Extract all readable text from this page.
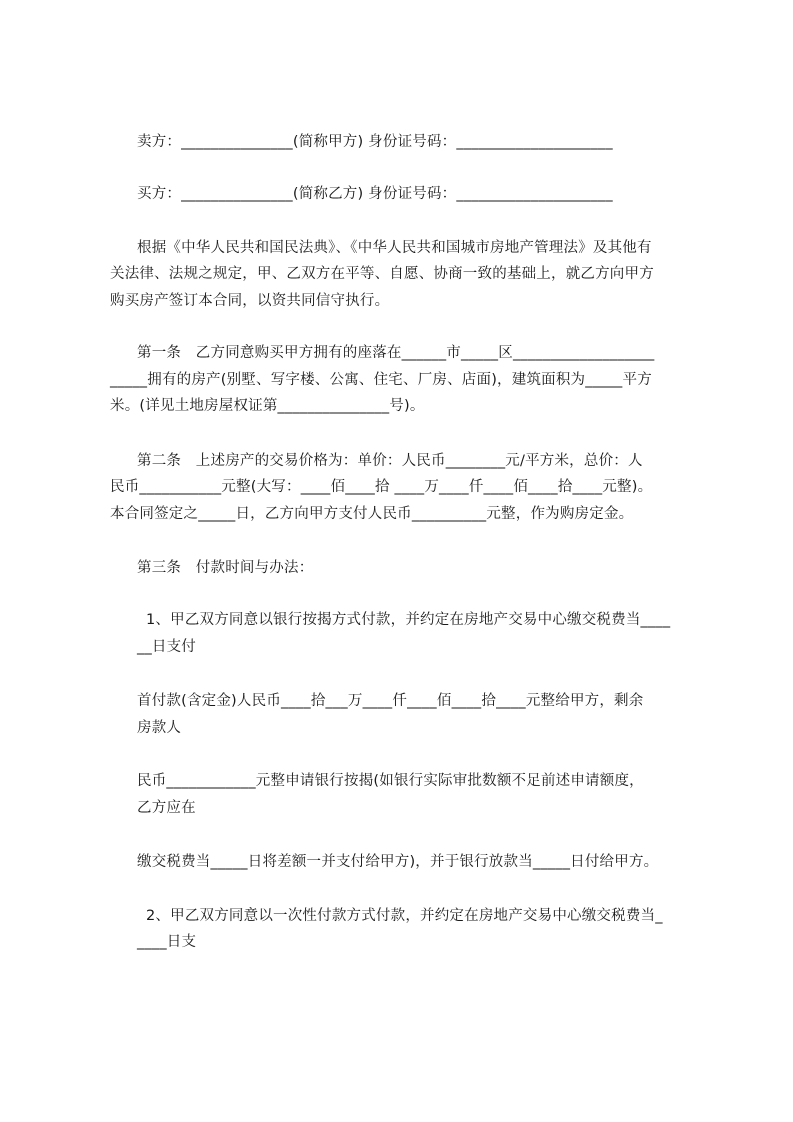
卖方：_______________(简称甲方) 身份证号码：_____________________
买方：_______________(简称乙方) 身份证号码：_____________________
根据《中华人民共和国民法典》、《中华人民共和国城市房地产管理法》及其他有
关法律、法规之规定，甲、乙双方在平等、自愿、协商一致的基础上，就乙方向甲方
购买房产签订本合同，以资共同信守执行。
第一条　乙方同意购买甲方拥有的座落在______市_____区___________________
_____拥有的房产(别墅、写字楼、公寓、住宅、厂房、店面)，建筑面积为_____平方
米。(详见土地房屋权证第_______________号)。
第二条　上述房产的交易价格为：单价：人民币________元/平方米，总价：人
民币___________元整(大写：____佰____拾 ____万____仟____佰____拾____元整)。
本合同签定之_____日，乙方向甲方支付人民币__________元整，作为购房定金。
第三条　付款时间与办法：
1、甲乙双方同意以银行按揭方式付款，并约定在房地产交易中心缴交税费当____
__日支付
首付款(含定金)人民币____拾___万____仟____佰____拾____元整给甲方，剩余
房款人
民币____________元整申请银行按揭(如银行实际审批数额不足前述申请额度，
乙方应在
缴交税费当_____日将差额一并支付给甲方)，并于银行放款当_____日付给甲方。
2、甲乙双方同意以一次性付款方式付款，并约定在房地产交易中心缴交税费当_
____日支
